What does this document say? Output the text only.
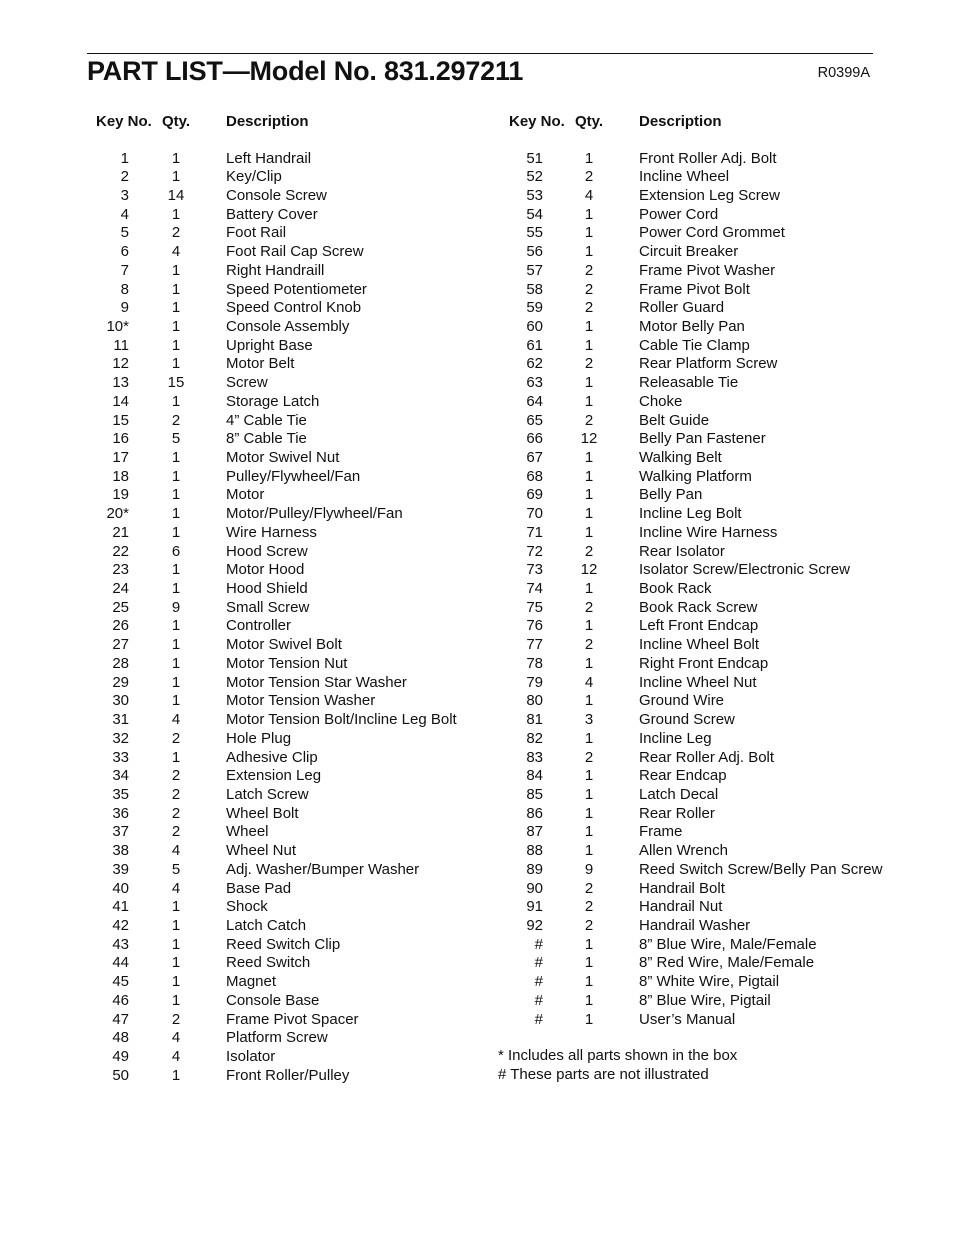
PART LIST—Model No. 831.297211	R0399A
Key No. Qty. Description	Key No. Qty. Description
1	1	Left Handrail
2	1	Key/Clip
3	14	Console Screw
4	1	Battery Cover
5	2	Foot Rail
6	4	Foot Rail Cap Screw
7	1	Right Handraill
8	1	Speed Potentiometer
9	1	Speed Control Knob
10*	1	Console Assembly
11	1	Upright Base
12	1	Motor Belt
13	15	Screw
14	1	Storage Latch
15	2	4” Cable Tie
16	5	8” Cable Tie
17	1	Motor Swivel Nut
18	1	Pulley/Flywheel/Fan
19	1	Motor
20*	1	Motor/Pulley/Flywheel/Fan
21	1	Wire Harness
22	6	Hood Screw
23	1	Motor Hood
24	1	Hood Shield
25	9	Small Screw
26	1	Controller
27	1	Motor Swivel Bolt
28	1	Motor Tension Nut
29	1	Motor Tension Star Washer
30	1	Motor Tension Washer
31	4	Motor Tension Bolt/Incline Leg Bolt
32	2	Hole Plug
33	1	Adhesive Clip
34	2	Extension Leg
35	2	Latch Screw
36	2	Wheel Bolt
37	2	Wheel
38	4	Wheel Nut
39	5	Adj. Washer/Bumper Washer
40	4	Base Pad
41	1	Shock
42	1	Latch Catch
43	1	Reed Switch Clip
44	1	Reed Switch
45	1	Magnet
46	1	Console Base
47	2	Frame Pivot Spacer
48	4	Platform Screw
49	4	Isolator
50	1	Front Roller/Pulley
51	1	Front Roller Adj. Bolt
52	2	Incline Wheel
53	4	Extension Leg Screw
54	1	Power Cord
55	1	Power Cord Grommet
56	1	Circuit Breaker
57	2	Frame Pivot Washer
58	2	Frame Pivot Bolt
59	2	Roller Guard
60	1	Motor Belly Pan
61	1	Cable Tie Clamp
62	2	Rear Platform Screw
63	1	Releasable Tie
64	1	Choke
65	2	Belt Guide
66	12	Belly Pan Fastener
67	1	Walking Belt
68	1	Walking Platform
69	1	Belly Pan
70	1	Incline Leg Bolt
71	1	Incline Wire Harness
72	2	Rear Isolator
73	12	Isolator Screw/Electronic Screw
74	1	Book Rack
75	2	Book Rack Screw
76	1	Left Front Endcap
77	2	Incline Wheel Bolt
78	1	Right Front Endcap
79	4	Incline Wheel Nut
80	1	Ground Wire
81	3	Ground Screw
82	1	Incline Leg
83	2	Rear Roller Adj. Bolt
84	1	Rear Endcap
85	1	Latch Decal
86	1	Rear Roller
87	1	Frame
88	1	Allen Wrench
89	9	Reed Switch Screw/Belly Pan Screw
90	2	Handrail Bolt
91	2	Handrail Nut
92	2	Handrail Washer
#	1	8” Blue Wire, Male/Female
#	1	8” Red Wire, Male/Female
#	1	8” White Wire, Pigtail
#	1	8” Blue Wire, Pigtail
#	1	User’s Manual
* Includes all parts shown in the box
# These parts are not illustrated
